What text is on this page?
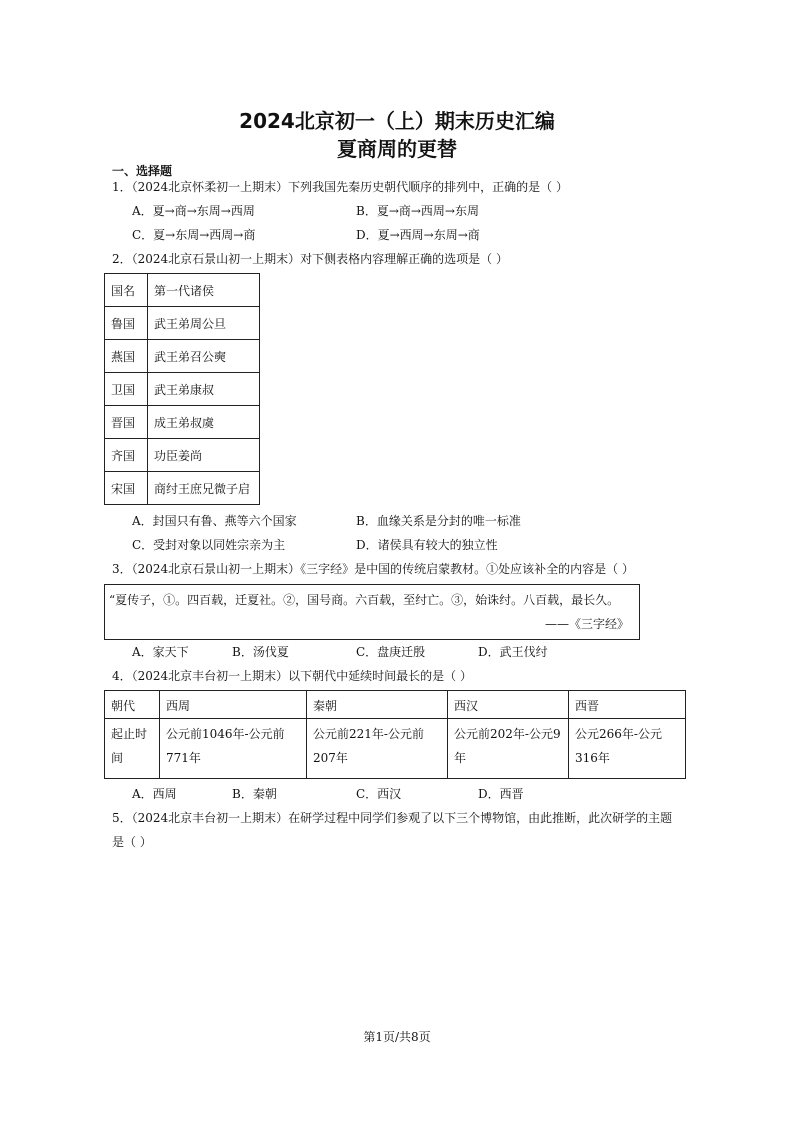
2024北京初一（上）期末历史汇编
夏商周的更替
一、选择题
1．（2024北京怀柔初一上期末）下列我国先秦历史朝代顺序的排列中，正确的是（ ）
A．夏→商→东周→西周	B．夏→商→西周→东周
C．夏→东周→西周→商	D．夏→西周→东周→商
2．（2024北京石景山初一上期末）对下侧表格内容理解正确的选项是（ ）
国名	第一代诸侯
鲁国	武王弟周公旦
燕国	武王弟召公奭
卫国	武王弟康叔
晋国	成王弟叔虞
齐国	功臣姜尚
宋国	商纣王庶兄微子启
A．封国只有鲁、燕等六个国家	B．血缘关系是分封的唯一标准
C．受封对象以同姓宗亲为主	D．诸侯具有较大的独立性
3．（2024北京石景山初一上期末）《三字经》是中国的传统启蒙教材。①处应该补全的内容是（ ）
“夏传子，①。四百载，迁夏社。②，国号商。六百载，至纣亡。③，始诛纣。八百载，最长久。
——《三字经》
A．家天下	B．汤伐夏	C．盘庚迁殷	D．武王伐纣
4．（2024北京丰台初一上期末）以下朝代中延续时间最长的是（ ）
朝代	西周	秦朝	西汉	西晋
起止时间	公元前1046年-公元前771年	公元前221年-公元前207年	公元前202年-公元9年	公元266年-公元316年
A．西周	B．秦朝	C．西汉	D．西晋
5．（2024北京丰台初一上期末）在研学过程中同学们参观了以下三个博物馆，由此推断，此次研学的主题
是（ ）
第1页/共8页
